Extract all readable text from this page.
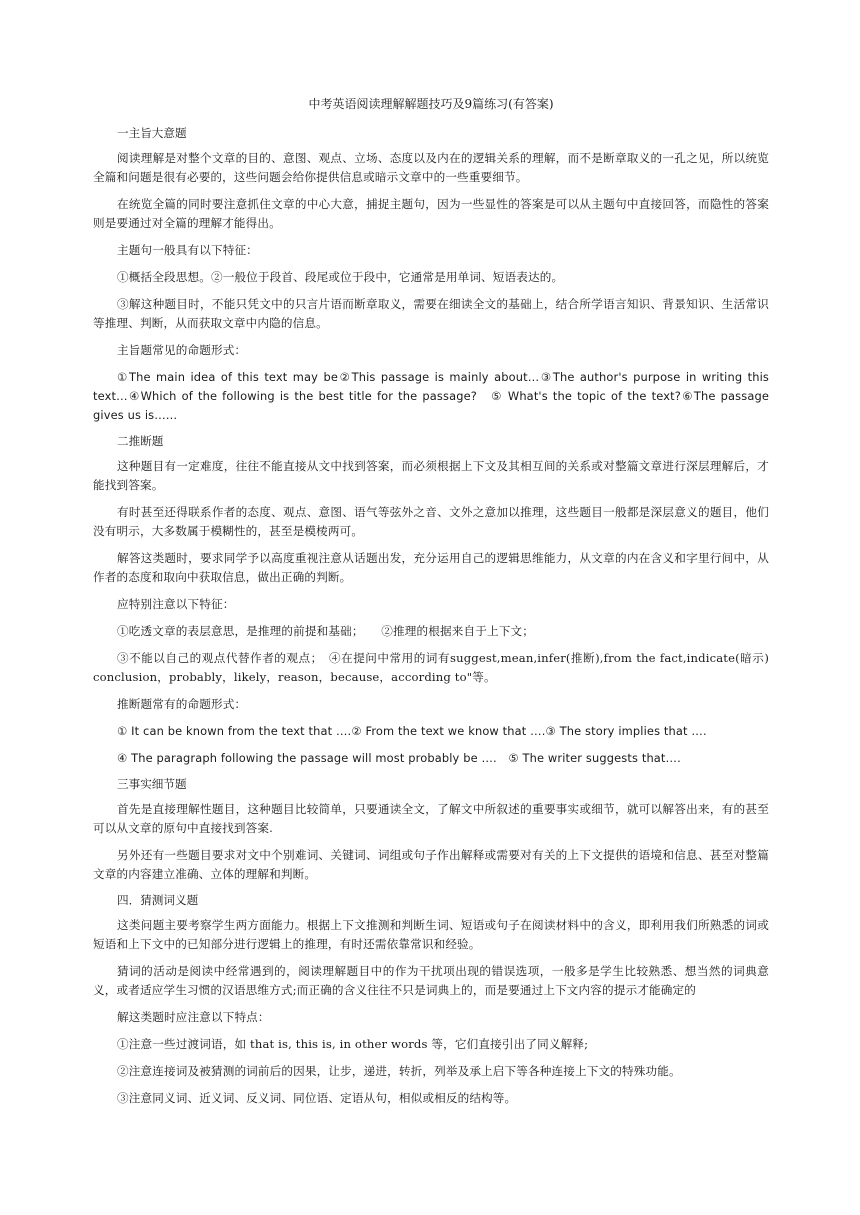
中考英语阅读理解解题技巧及9篇练习(有答案)
一主旨大意题
阅读理解是对整个文章的目的、意图、观点、立场、态度以及内在的逻辑关系的理解，而不是断章取义的一孔之见，所以统览全篇和问题是很有必要的，这些问题会给你提供信息或暗示文章中的一些重要细节。
在统览全篇的同时要注意抓住文章的中心大意，捕捉主题句，因为一些显性的答案是可以从主题句中直接回答，而隐性的答案则是要通过对全篇的理解才能得出。
主题句一般具有以下特征：
①概括全段思想。②一般位于段首、段尾或位于段中，它通常是用单词、短语表达的。
③解这种题目时，不能只凭文中的只言片语而断章取义，需要在细读全文的基础上，结合所学语言知识、背景知识、生活常识等推理、判断，从而获取文章中内隐的信息。
主旨题常见的命题形式：
①The main idea of this text may be②This passage is mainly about…③The author's purpose in writing this text…④Which of the following is the best title for the passage?　⑤ What's the topic of the text?⑥The passage gives us is……
二推断题
这种题目有一定难度，往往不能直接从文中找到答案，而必须根据上下文及其相互间的关系或对整篇文章进行深层理解后，才能找到答案。
有时甚至还得联系作者的态度、观点、意图、语气等弦外之音、文外之意加以推理，这些题目一般都是深层意义的题目，他们没有明示，大多数属于模糊性的，甚至是模棱两可。
解答这类题时，要求同学予以高度重视注意从话题出发，充分运用自己的逻辑思维能力，从文章的内在含义和字里行间中，从作者的态度和取向中获取信息，做出正确的判断。
应特别注意以下特征：
①吃透文章的表层意思，是推理的前提和基础；　　②推理的根据来自于上下文；
③不能以自己的观点代替作者的观点；　④在提问中常用的词有suggest,mean,infer(推断),from the fact,indicate(暗示) conclusion，probably，likely，reason，because，according to"等。
推断题常有的命题形式：
① It can be known from the text that ….② From the text we know that ….③ The story implies that ….
④ The paragraph following the passage will most probably be ….　⑤ The writer suggests that….
三事实细节题
首先是直接理解性题目，这种题目比较简单，只要通读全文，了解文中所叙述的重要事实或细节，就可以解答出来，有的甚至可以从文章的原句中直接找到答案.
另外还有一些题目要求对文中个别难词、关键词、词组或句子作出解释或需要对有关的上下文提供的语境和信息、甚至对整篇文章的内容建立准确、立体的理解和判断。
四．猜测词义题
这类问题主要考察学生两方面能力。根据上下文推测和判断生词、短语或句子在阅读材料中的含义，即利用我们所熟悉的词或短语和上下文中的已知部分进行逻辑上的推理，有时还需依靠常识和经验。
猜词的活动是阅读中经常遇到的，阅读理解题目中的作为干扰项出现的错误选项，一般多是学生比较熟悉、想当然的词典意义，或者适应学生习惯的汉语思维方式;而正确的含义往往不只是词典上的，而是要通过上下文内容的提示才能确定的
解这类题时应注意以下特点：
①注意一些过渡词语，如 that is, this is, in other words 等，它们直接引出了同义解释;
②注意连接词及被猜测的词前后的因果，让步，递进，转折，列举及承上启下等各种连接上下文的特殊功能。
③注意同义词、近义词、反义词、同位语、定语从句，相似或相反的结构等。
